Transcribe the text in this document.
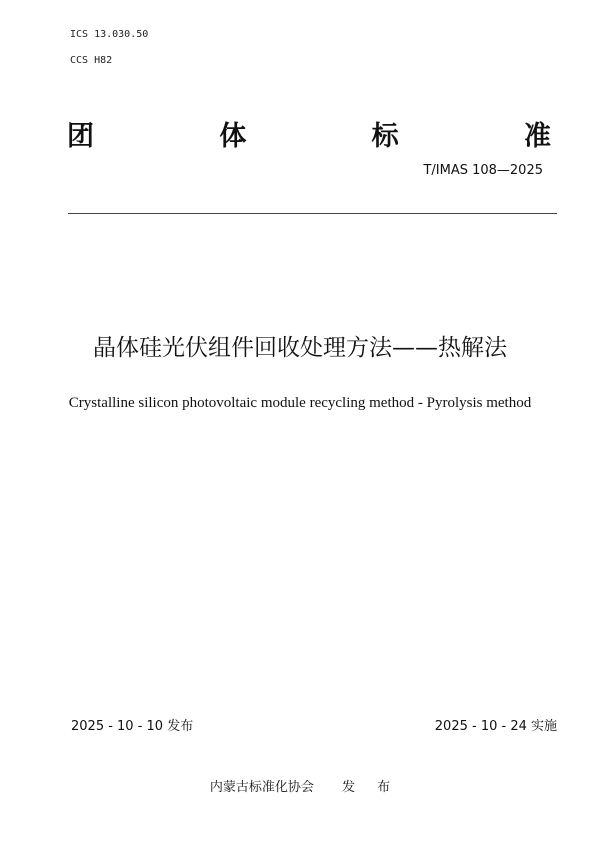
ICS 13.030.50
CCS H82
团	体	标	准
T/IMAS 108—2025
晶体硅光伏组件回收处理方法——热解法
Crystalline silicon photovoltaic module recycling method - Pyrolysis method
2025 - 10 - 10 发布	2025 - 10 - 24 实施
内蒙古标准化协会 发 布
